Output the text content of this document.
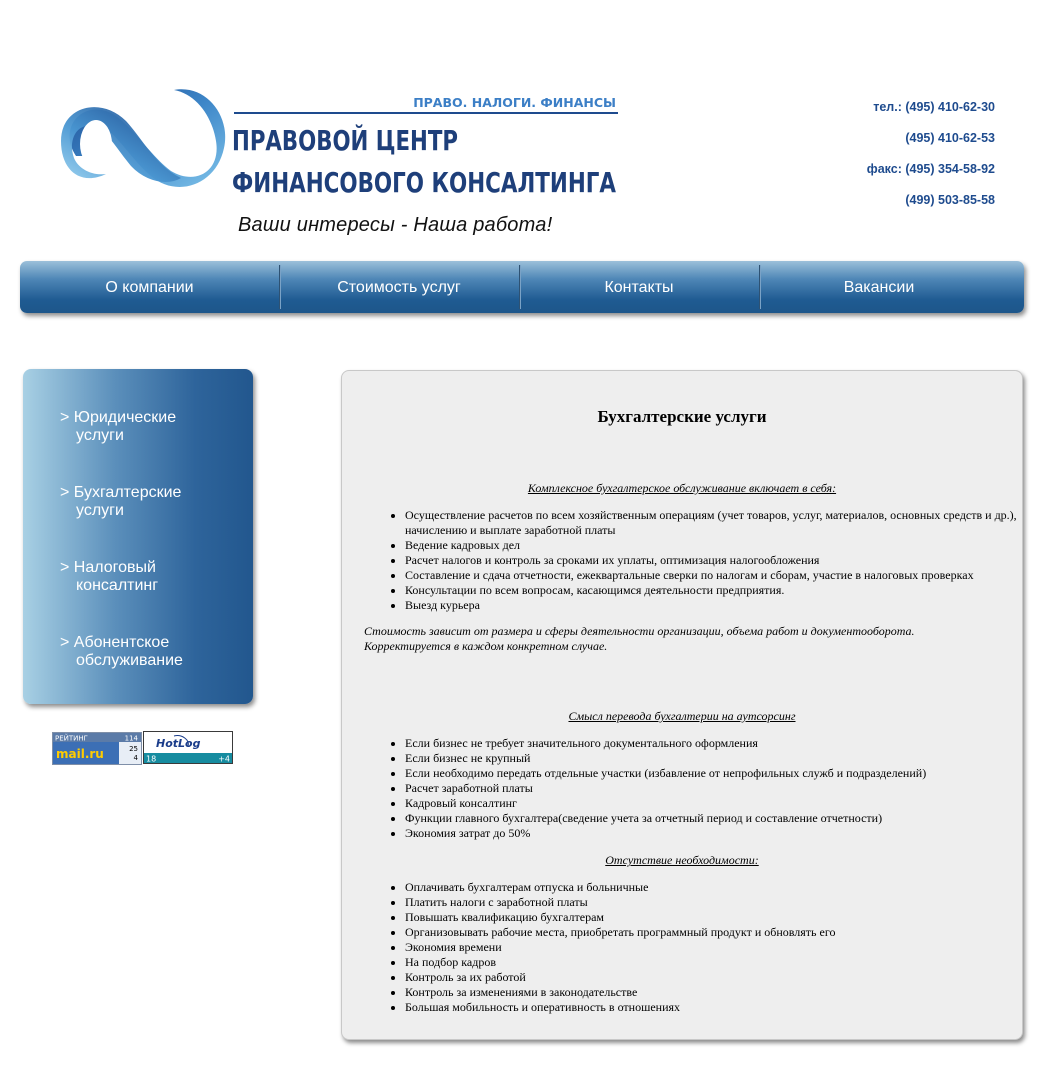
ПРАВО. НАЛОГИ. ФИНАНСЫ
ПРАВОВОЙ ЦЕНТР
ФИНАНСОВОГО КОНСАЛТИНГА
Ваши интересы - Наша работа!
тел.: (495) 410-62-30
(495) 410-62-53
факс: (495) 354-58-92
(499) 503-85-58
О компании	Стоимость услуг	Контакты	Вакансии
> Юридические
услуги
> Бухгалтерские
услуги
> Налоговый
консалтинг
> Абонентское
обслуживание
РЕЙТИНГ
mail.ru
114
25
4
HotLog
18	+4
Бухгалтерские услуги
Комплексное бухгалтерское обслуживание включает в себя:
• Осуществление расчетов по всем хозяйственным операциям (учет товаров, услуг, материалов, основных средств и др.), начислению и выплате заработной платы
• Ведение кадровых дел
• Расчет налогов и контроль за сроками их уплаты, оптимизация налогообложения
• Составление и сдача отчетности, ежеквартальные сверки по налогам и сборам, участие в налоговых проверках
• Консультации по всем вопросам, касающимся деятельности предприятия.
• Выезд курьера
Стоимость зависит от размера и сферы деятельности организации, объема работ и документооборота.
Корректируется в каждом конкретном случае.
Смысл перевода бухгалтерии на аутсорсинг
• Если бизнес не требует значительного документального оформления
• Если бизнес не крупный
• Если необходимо передать отдельные участки (избавление от непрофильных служб и подразделений)
• Расчет заработной платы
• Кадровый консалтинг
• Функции главного бухгалтера(сведение учета за отчетный период и составление отчетности)
• Экономия затрат до 50%
Отсутствие необходимости:
• Оплачивать бухгалтерам отпуска и больничные
• Платить налоги с заработной платы
• Повышать квалификацию бухгалтерам
• Организовывать рабочие места, приобретать программный продукт и обновлять его
• Экономия времени
• На подбор кадров
• Контроль за их работой
• Контроль за изменениями в законодательстве
• Большая мобильность и оперативность в отношениях
